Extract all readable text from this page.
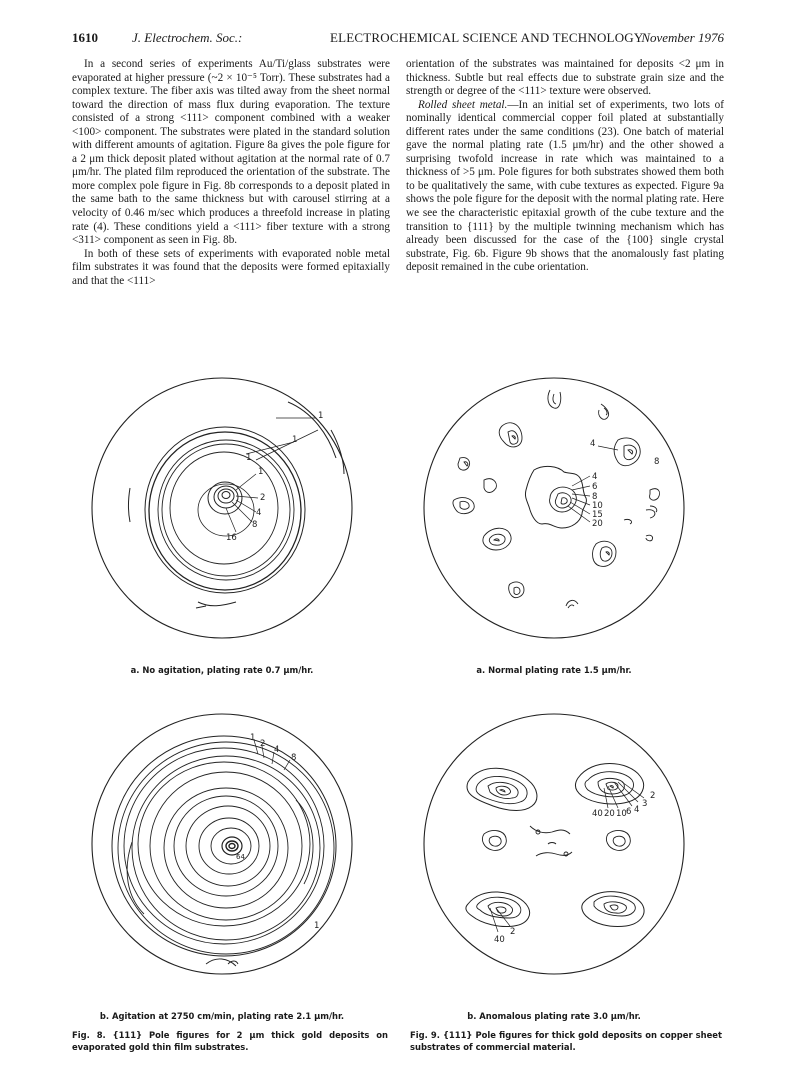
1610	J. Electrochem. Soc.:	ELECTROCHEMICAL SCIENCE AND TECHNOLOGY
November 1976

In a second series of experiments Au/Ti/glass substrates were evaporated at higher pressure (~2 × 10⁻⁵ Torr). These substrates had a complex texture. The fiber axis was tilted away from the sheet normal toward the direction of mass flux during evaporation. The texture consisted of a strong <111> component combined with a weaker <100> component. The substrates were plated in the standard solution with different amounts of agitation. Figure 8a gives the pole figure for a 2 μm thick deposit plated without agitation at the normal rate of 0.7 μm/hr. The plated film reproduced the orientation of the substrate. The more complex pole figure in Fig. 8b corresponds to a deposit plated in the same bath to the same thickness but with carousel stirring at a velocity of 0.46 m/sec which produces a threefold increase in plating rate (4). These conditions yield a <111> fiber texture with a strong <311> component as seen in Fig. 8b.

In both of these sets of experiments with evaporated noble metal film substrates it was found that the deposits were formed epitaxially and that the <111>

orientation of the substrates was maintained for deposits <2 μm in thickness. Subtle but real effects due to substrate grain size and the strength or degree of the <111> texture were observed.

Rolled sheet metal.—In an initial set of experiments, two lots of nominally identical commercial copper foil plated at substantially different rates under the same conditions (23). One batch of material gave the normal plating rate (1.5 μm/hr) and the other showed a surprising twofold increase in rate which was maintained to a thickness of >5 μm. Pole figures for both substrates showed them both to be qualitatively the same, with cube textures as expected. Figure 9a shows the pole figure for the deposit with the normal plating rate. Here we see the characteristic epitaxial growth of the cube texture and the transition to {111} by the multiple twinning mechanism which has already been discussed for the case of the {100} single crystal substrate, Fig. 6b. Figure 9b shows that the anomalously fast plating deposit remained in the cube orientation.

1
1
1
1
2
4
8
16
a. No agitation, plating rate 0.7 μm/hr.
4
8
4
6
8
10
15
20
a. Normal plating rate 1.5 μm/hr.
1
2
4
8
64
1
b. Agitation at 2750 cm/min, plating rate 2.1 μm/hr.
2
3
4
6
10
20
40
2
40
b. Anomalous plating rate 3.0 μm/hr.
Fig. 8. {111} Pole figures for 2 μm thick gold deposits on evaporated gold thin film substrates.
Fig. 9. {111} Pole figures for thick gold deposits on copper sheet substrates of commercial material.
